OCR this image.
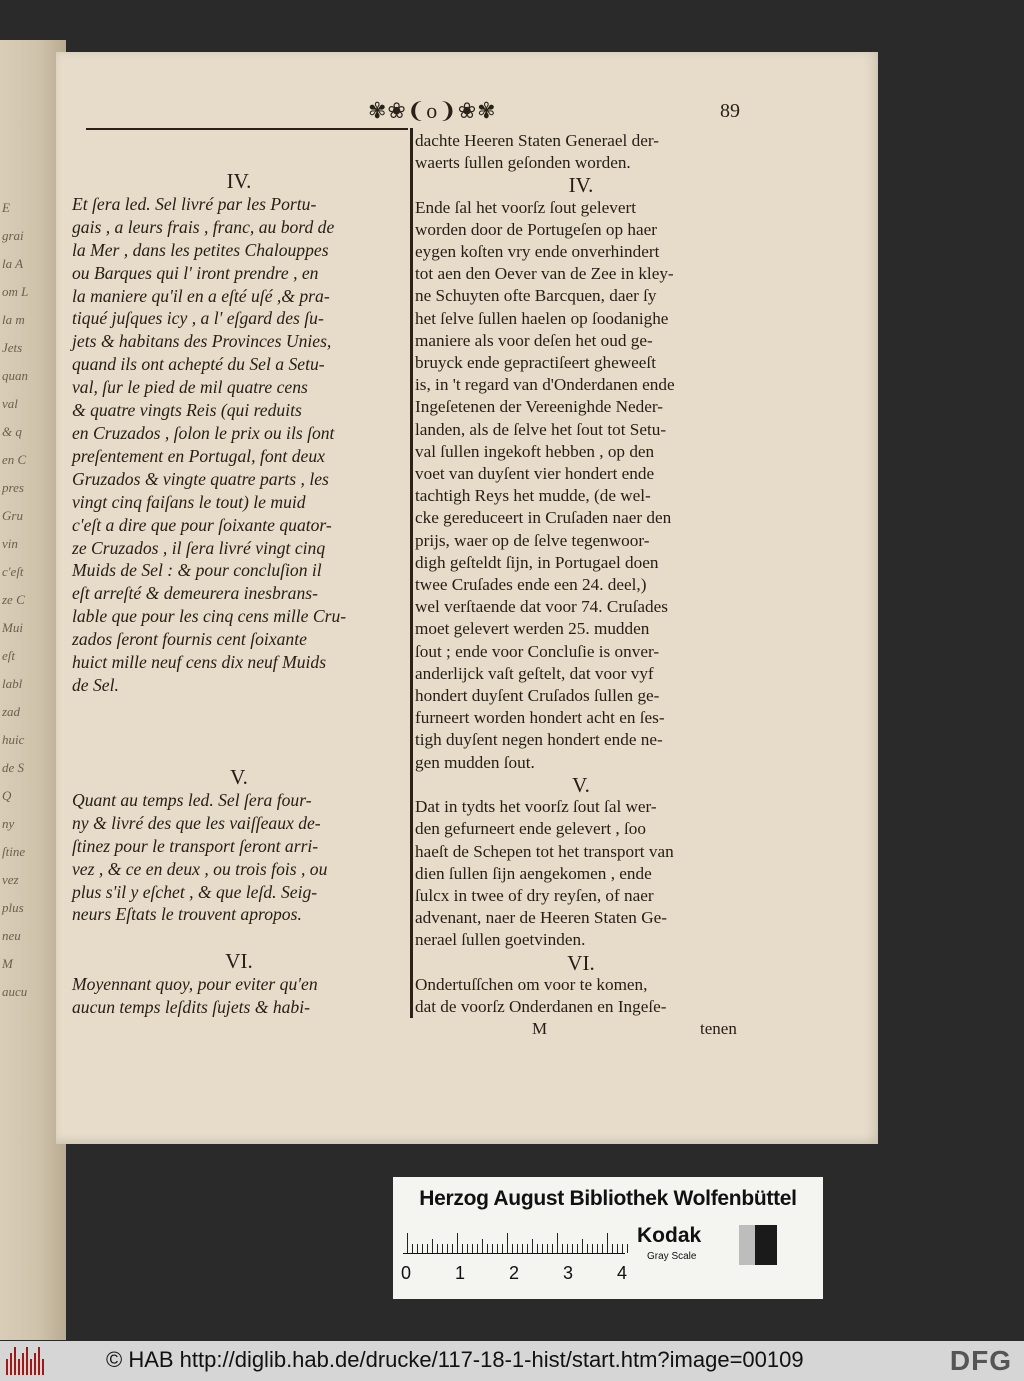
E
grai
la A
om L
la m
Jets
quan
val
& q
en C
pres
Gru
vin
c'eſt
ze C
Mui
eſt
labl
zad
huic
de S
Q
ny
ſtine
vez
plus
neu
M
aucu
✾❀❨o❩❀✾	89
IV.
Et ſera led. Sel livré par les Portu-
gais , a leurs frais , franc, au bord de
la Mer , dans les petites Chalouppes
ou Barques qui l' iront prendre , en
la maniere qu'il en a eſté uſé ,& pra-
tiqué juſques icy , a l' eſgard des ſu-
jets & habitans des Provinces Unies,
quand ils ont achepté du Sel a Setu-
val, ſur le pied de mil quatre cens
& quatre vingts Reis (qui reduits
en Cruzados , ſolon le prix ou ils ſont
preſentement en Portugal, font deux
Gruzados & vingte quatre parts , les
vingt cinq faiſans le tout) le muid
c'eſt a dire que pour ſoixante quator-
ze Cruzados , il ſera livré vingt cinq
Muids de Sel : & pour concluſion il
eſt arreſté & demeurera inesbrans-
lable que pour les cinq cens mille Cru-
zados ſeront fournis cent ſoixante
huict mille neuf cens dix neuf Muids
de Sel.
V.
Quant au temps led. Sel ſera four-
ny & livré des que les vaiſſeaux de-
ſtinez pour le transport ſeront arri-
vez , & ce en deux , ou trois fois , ou
plus s'il y eſchet , & que leſd. Seig-
neurs Eſtats le trouvent apropos.
VI.
Moyennant quoy, pour eviter qu'en
aucun temps leſdits ſujets & habi-
dachte Heeren Staten Generael der-
waerts ſullen geſonden worden.
IV.
Ende ſal het voorſz ſout gelevert
worden door de Portugeſen op haer
eygen koſten vry ende onverhindert
tot aen den Oever van de Zee in kley-
ne Schuyten ofte Barcquen, daer ſy
het ſelve ſullen haelen op ſoodanighe
maniere als voor deſen het oud ge-
bruyck ende gepractiſeert gheweeſt
is, in 't regard van d'Onderdanen ende
Ingeſetenen der Vereenighde Neder-
landen, als de ſelve het ſout tot Setu-
val ſullen ingekoft hebben , op den
voet van duyſent vier hondert ende
tachtigh Reys het mudde, (de wel-
cke gereduceert in Cruſaden naer den
prijs, waer op de ſelve tegenwoor-
digh geſteldt ſijn, in Portugael doen
twee Cruſades ende een 24. deel,)
wel verſtaende dat voor 74. Cruſades
moet gelevert werden 25. mudden
ſout ; ende voor Concluſie is onver-
anderlijck vaſt geſtelt, dat voor vyf
hondert duyſent Cruſados ſullen ge-
furneert worden hondert acht en ſes-
tigh duyſent negen hondert ende ne-
gen mudden ſout.
V.
Dat in tydts het voorſz ſout ſal wer-
den gefurneert ende gelevert , ſoo
haeſt de Schepen tot het transport van
dien ſullen ſijn aengekomen , ende
ſulcx in twee of dry reyſen, of naer
advenant, naer de Heeren Staten Ge-
nerael ſullen goetvinden.
VI.
Ondertuſſchen om voor te komen,
dat de voorſz Onderdanen en Ingeſe-
M	tenen
Herzog August Bibliothek Wolfenbüttel
0 1 2 3 4
Kodak
Gray Scale
© HAB http://diglib.hab.de/drucke/117-18-1-hist/start.htm?image=00109	DFG
